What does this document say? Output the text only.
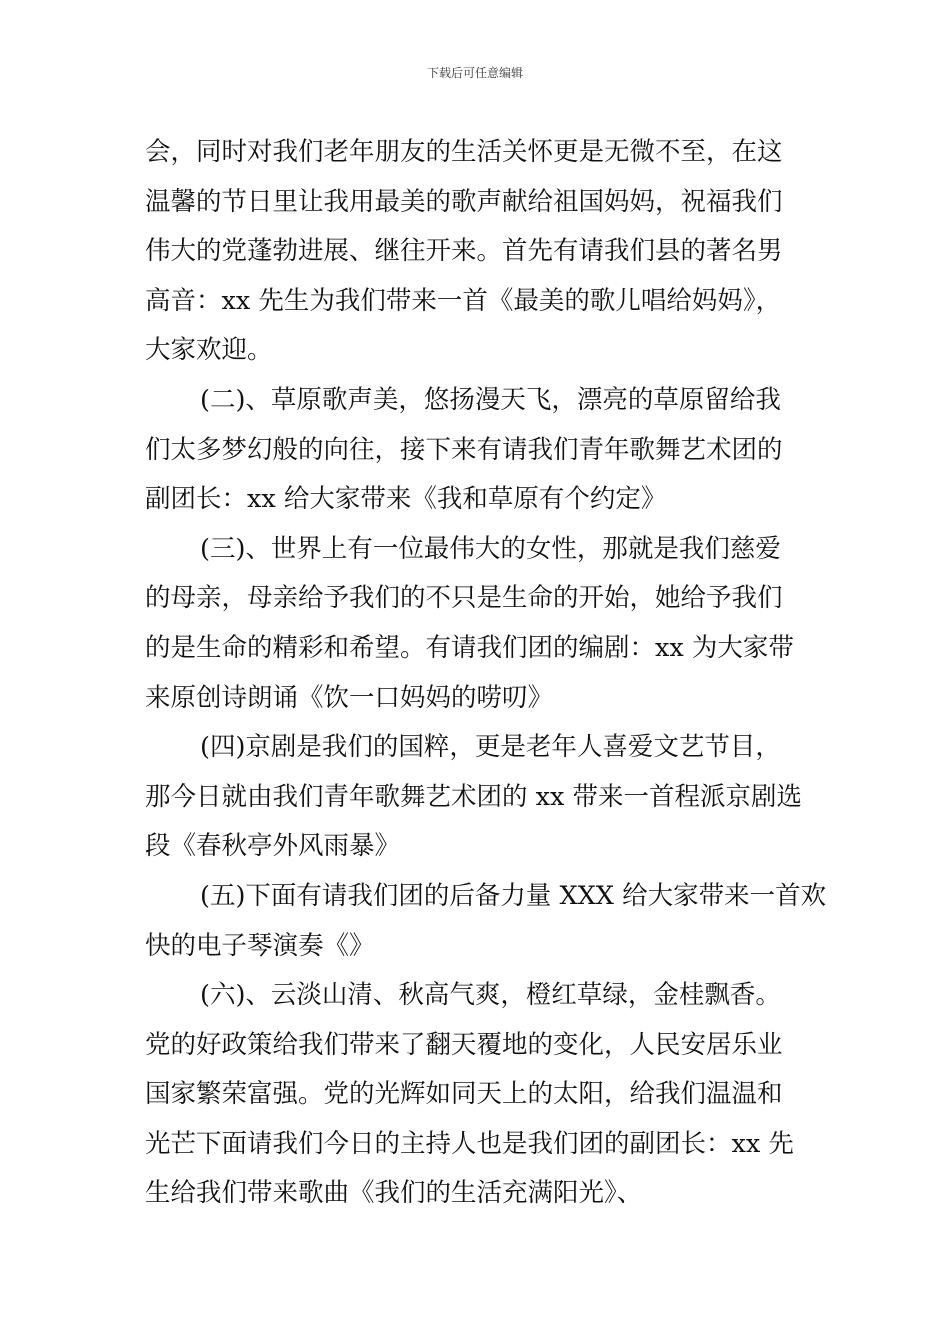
下载后可任意编辑
会，同时对我们老年朋友的生活关怀更是无微不至，在这
温馨的节日里让我用最美的歌声献给祖国妈妈，祝福我们
伟大的党蓬勃进展、继往开来。首先有请我们县的著名男
高音：xx 先生为我们带来一首《最美的歌儿唱给妈妈》，
大家欢迎。
(二)、草原歌声美，悠扬漫天飞，漂亮的草原留给我
们太多梦幻般的向往，接下来有请我们青年歌舞艺术团的
副团长：xx 给大家带来《我和草原有个约定》
(三)、世界上有一位最伟大的女性，那就是我们慈爱
的母亲，母亲给予我们的不只是生命的开始，她给予我们
的是生命的精彩和希望。有请我们团的编剧：xx 为大家带
来原创诗朗诵《饮一口妈妈的唠叨》
(四)京剧是我们的国粹，更是老年人喜爱文艺节目，
那今日就由我们青年歌舞艺术团的 xx 带来一首程派京剧选
段《春秋亭外风雨暴》
(五)下面有请我们团的后备力量 XXX 给大家带来一首欢
快的电子琴演奏《》
(六)、云淡山清、秋高气爽，橙红草绿，金桂飘香。
党的好政策给我们带来了翻天覆地的变化，人民安居乐业
国家繁荣富强。党的光辉如同天上的太阳，给我们温温和
光芒下面请我们今日的主持人也是我们团的副团长：xx 先
生给我们带来歌曲《我们的生活充满阳光》、
